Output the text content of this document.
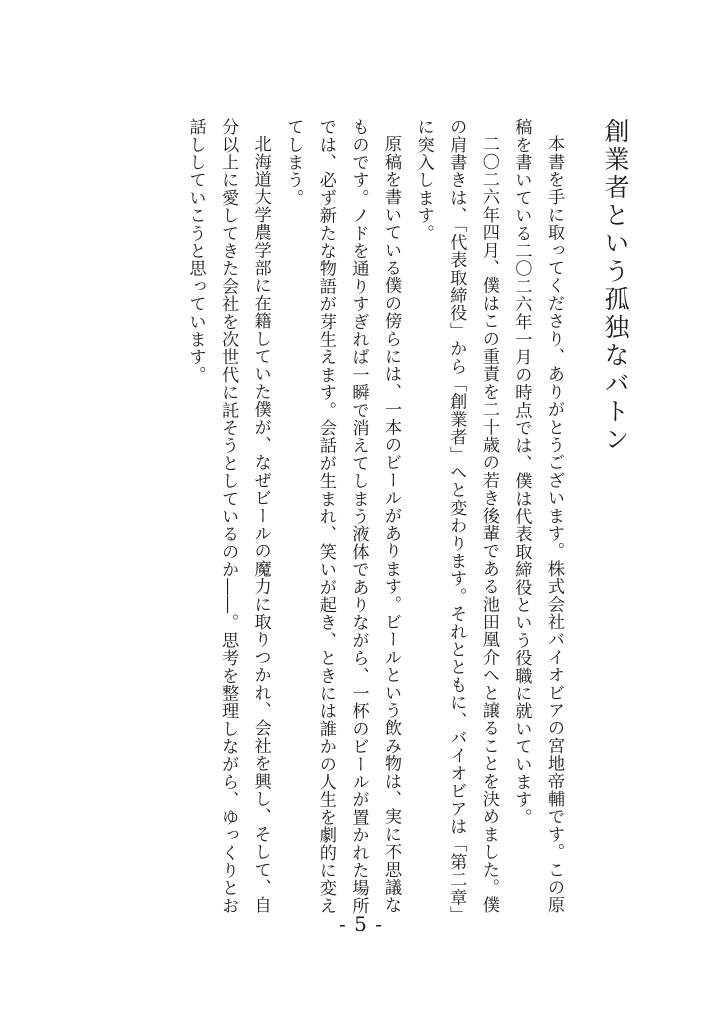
創業者という孤独なバトン

本書を手に取ってくださり、ありがとうございます。株式会社バイオビアの宮地帝輔です。この原稿を書いている二〇二六年一月の時点では、僕は代表取締役という役職に就いています。

二〇二六年四月、僕はこの重責を二十歳の若き後輩である池田凰介へと譲ることを決めました。僕の肩書きは、「代表取締役」から「創業者」へと変わります。それとともに、バイオビアは「第二章」に突入します。

原稿を書いている僕の傍らには、一本のビールがあります。ビールという飲み物は、実に不思議なものです。ノドを通りすぎれば一瞬で消えてしまう液体でありながら、一杯のビールが置かれた場所では、必ず新たな物語が芽生えます。会話が生まれ、笑いが起き、ときには誰かの人生を劇的に変えてしまう。

北海道大学農学部に在籍していた僕が、なぜビールの魔力に取りつかれ、会社を興し、そして、自分以上に愛してきた会社を次世代に託そうとしているのか――。思考を整理しながら、ゆっくりとお話ししていこうと思っています。

- 5 -
